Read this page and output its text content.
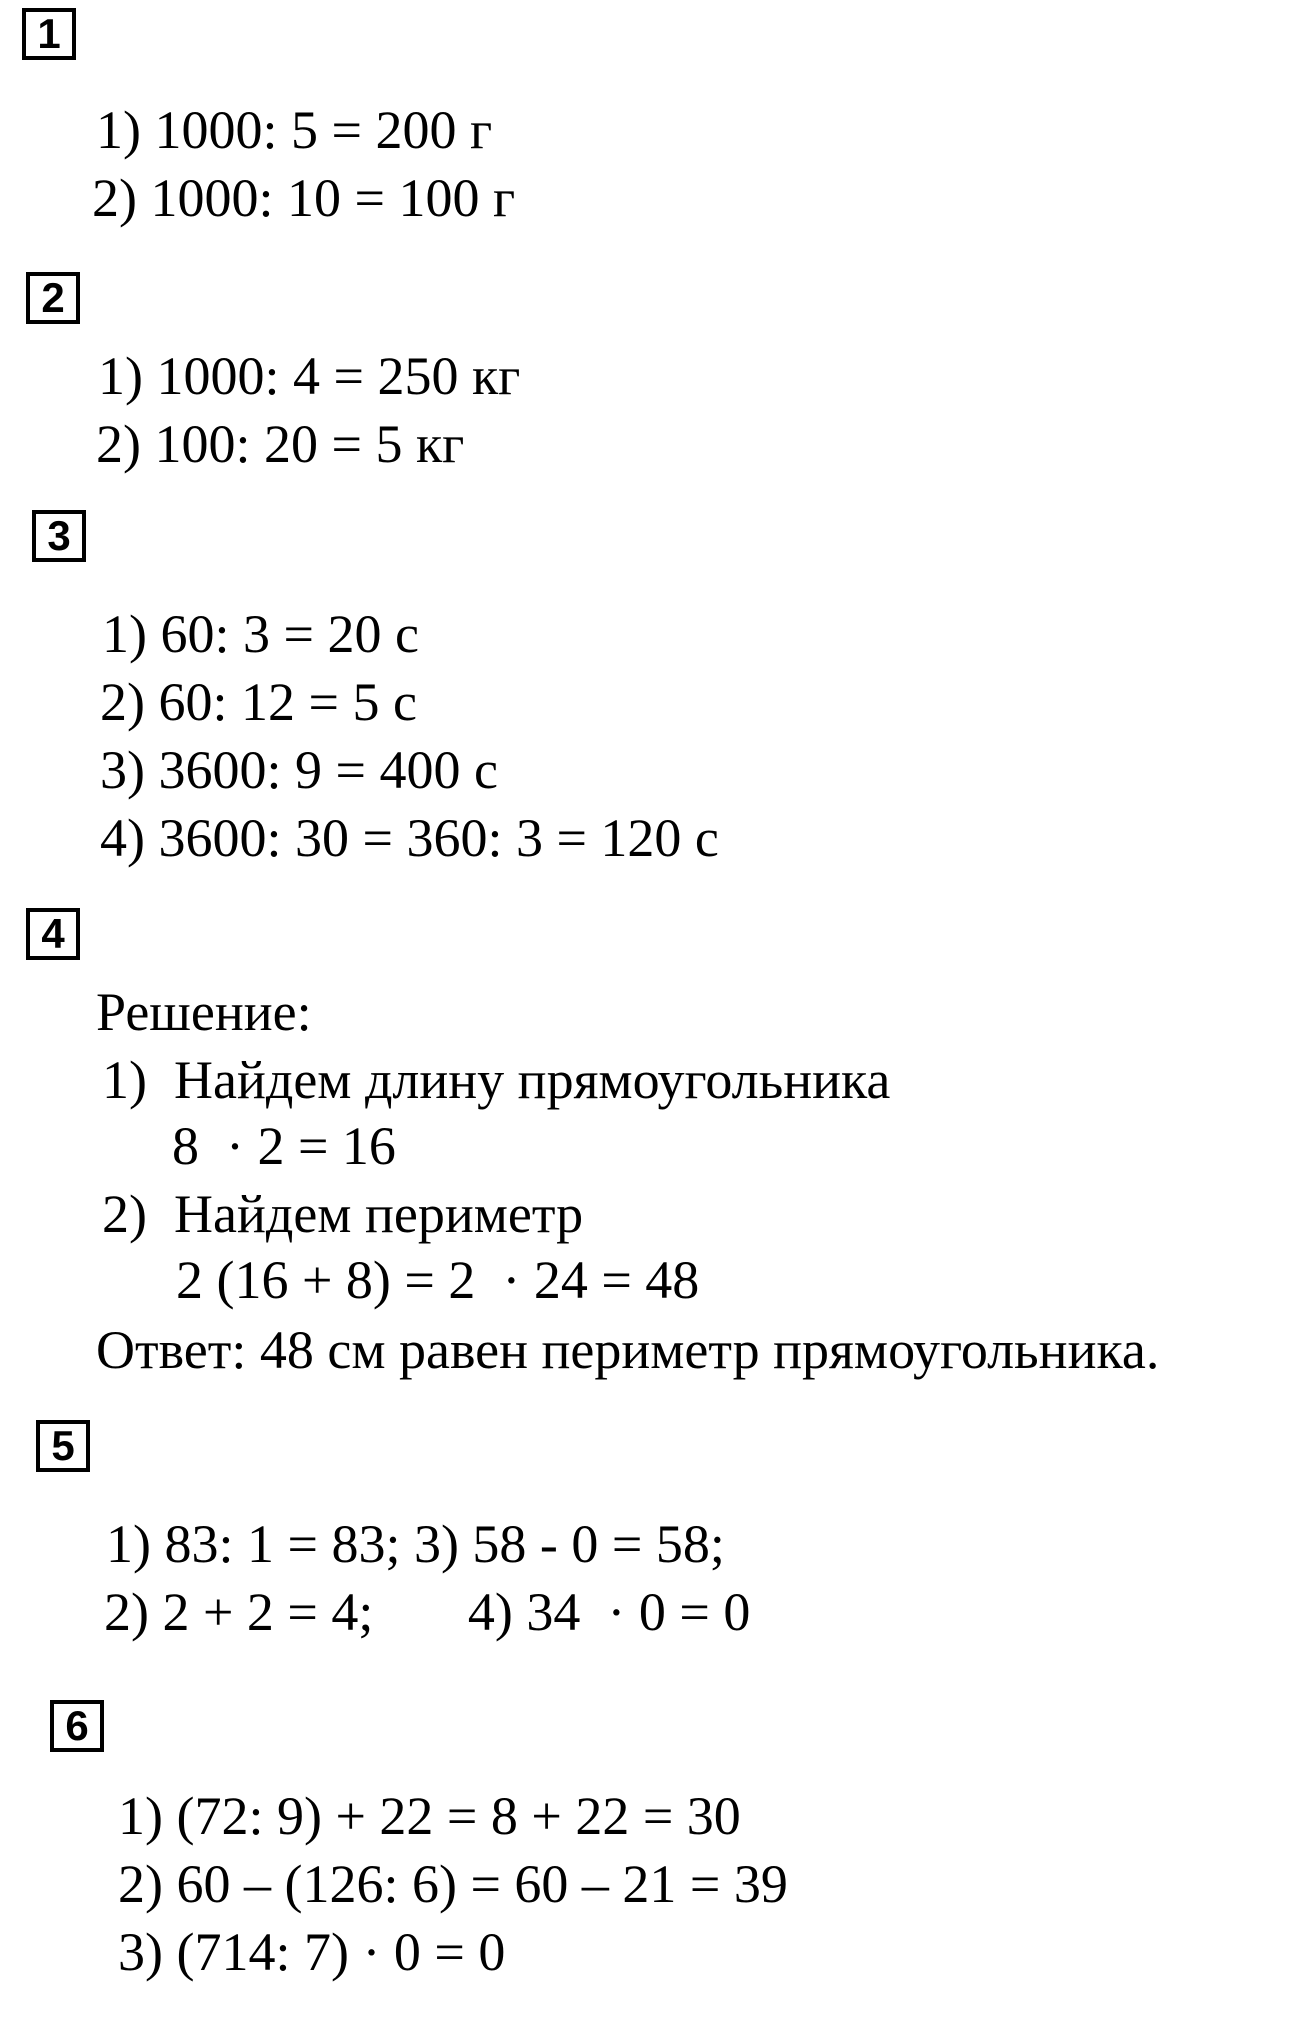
1
1) 1000: 5 = 200 г
2) 1000: 10 = 100 г
2
1) 1000: 4 = 250 кг
2) 100: 20 = 5 кг
3
1) 60: 3 = 20 с
2) 60: 12 = 5 с
3) 3600: 9 = 400 с
4) 3600: 30 = 360: 3 = 120 с
4
Решение:
1)  Найдем длину прямоугольника
8  · 2 = 16
2)  Найдем периметр
2 (16 + 8) = 2  · 24 = 48
Ответ: 48 см равен периметр прямоугольника.
5
1) 83: 1 = 83; 3) 58 - 0 = 58;
2) 2 + 2 = 4;       4) 34  · 0 = 0
6
1) (72: 9) + 22 = 8 + 22 = 30
2) 60 – (126: 6) = 60 – 21 = 39
3) (714: 7) · 0 = 0
